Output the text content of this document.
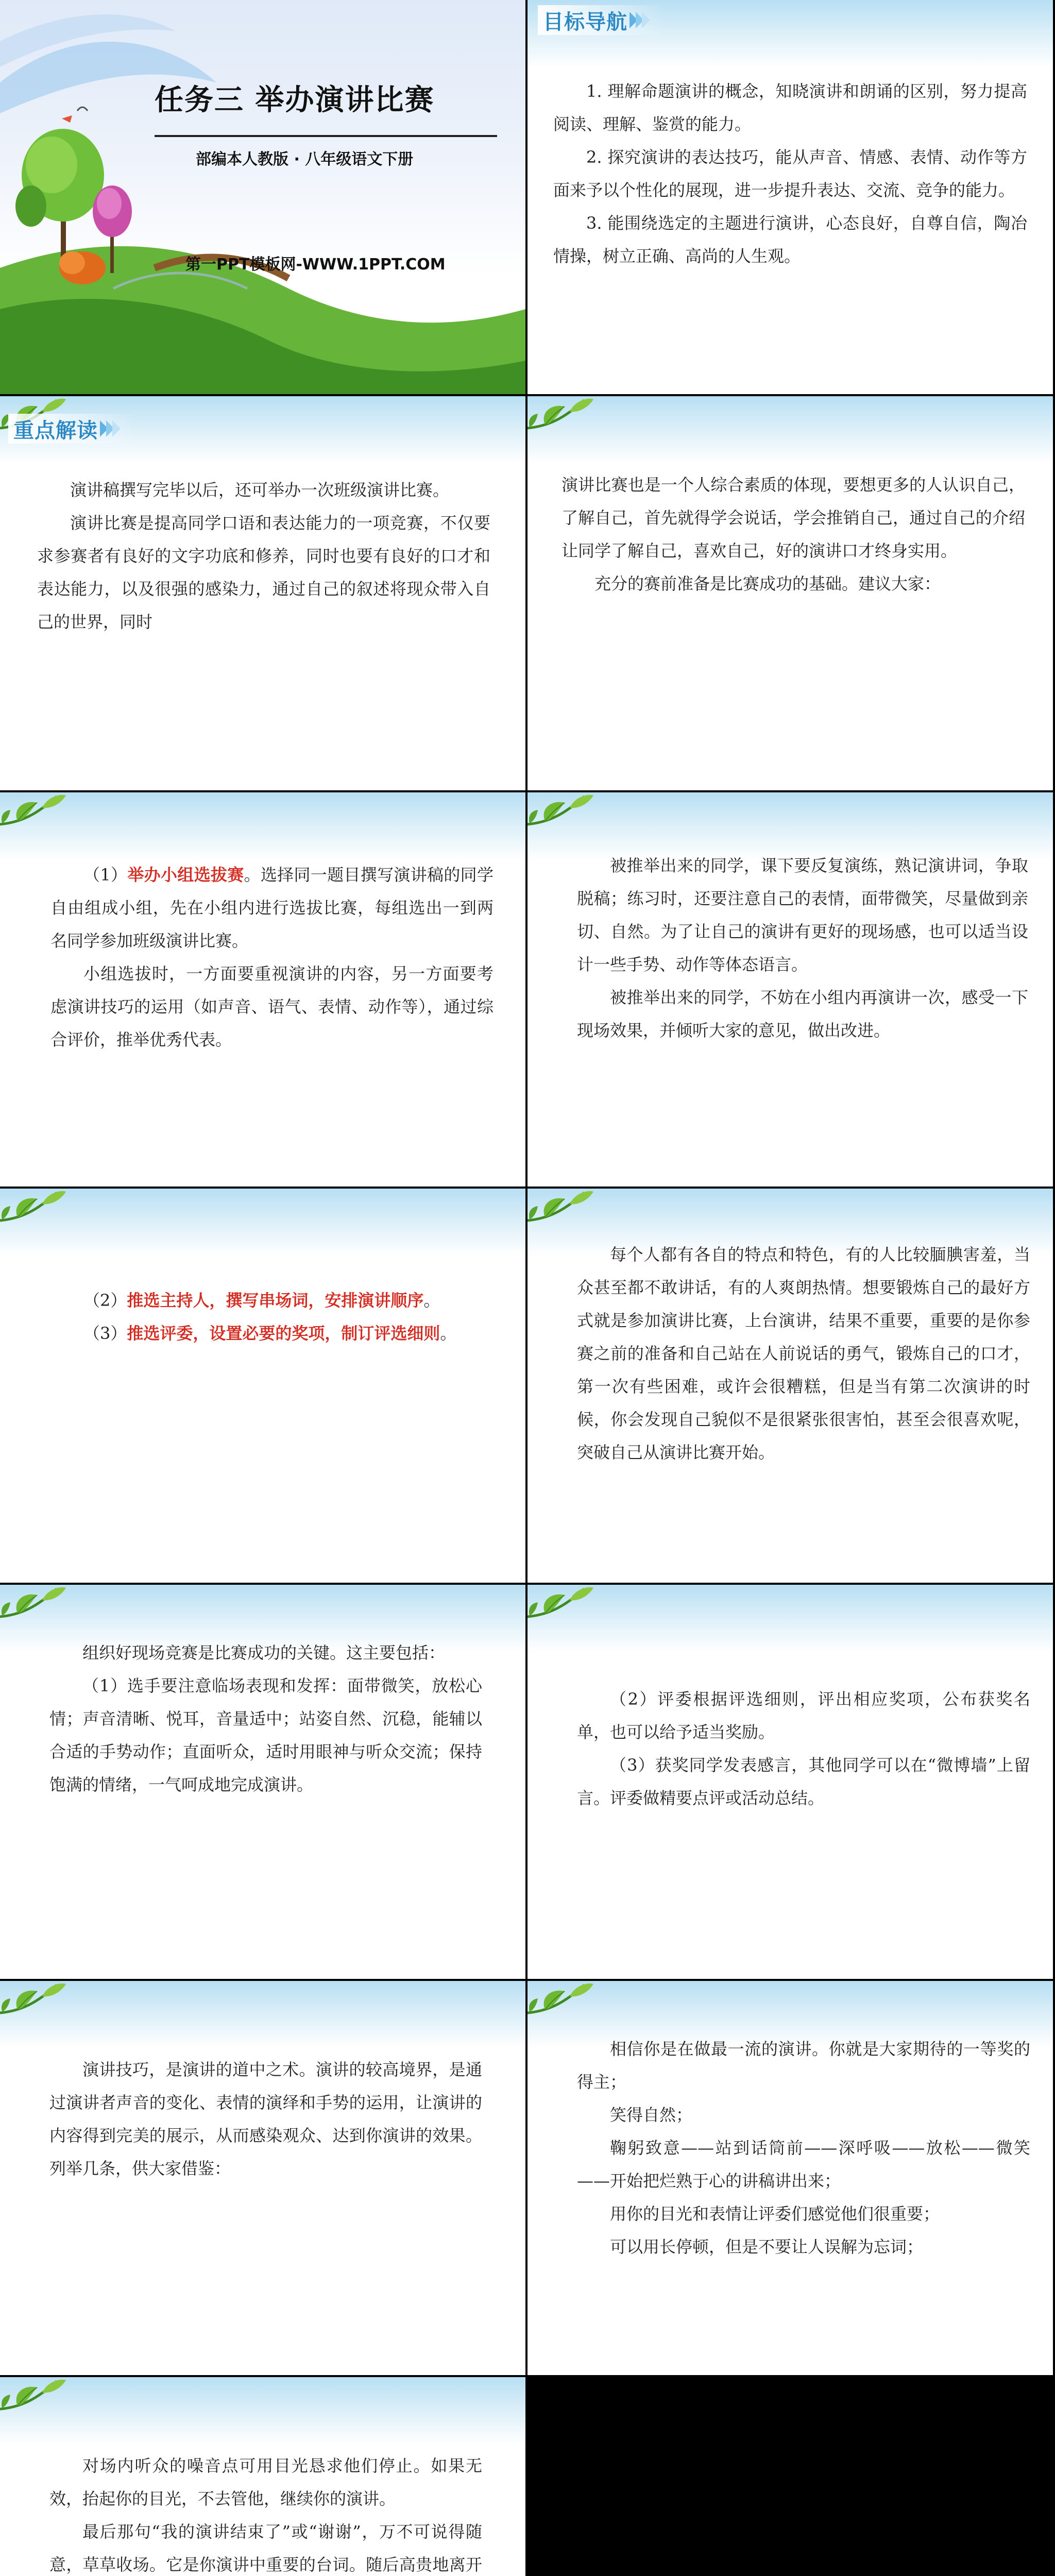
任务三 举办演讲比赛
部编本人教版 · 八年级语文下册
第一PPT模板网-WWW.1PPT.COM
目标导航

1. 理解命题演讲的概念，知晓演讲和朗诵的区别，努力提高阅读、理解、鉴赏的能力。

2. 探究演讲的表达技巧，能从声音、情感、表情、动作等方面来予以个性化的展现，进一步提升表达、交流、竞争的能力。

3. 能围绕选定的主题进行演讲，心态良好，自尊自信，陶冶情操，树立正确、高尚的人生观。

重点解读

演讲稿撰写完毕以后，还可举办一次班级演讲比赛。

演讲比赛是提高同学口语和表达能力的一项竞赛，不仅要求参赛者有良好的文字功底和修养，同时也要有良好的口才和表达能力，以及很强的感染力，通过自己的叙述将现众带入自己的世界，同时

演讲比赛也是一个人综合素质的体现，要想更多的人认识自己，了解自己，首先就得学会说话，学会推销自己，通过自己的介绍让同学了解自己，喜欢自己，好的演讲口才终身实用。

充分的赛前准备是比赛成功的基础。建议大家：

（1）举办小组选拔赛。选择同一题目撰写演讲稿的同学自由组成小组，先在小组内进行选拔比赛，每组选出一到两名同学参加班级演讲比赛。

小组选拔时，一方面要重视演讲的内容，另一方面要考虑演讲技巧的运用（如声音、语气、表情、动作等），通过综合评价，推举优秀代表。

被推举出来的同学，课下要反复演练，熟记演讲词，争取脱稿；练习时，还要注意自己的表情，面带微笑，尽量做到亲切、自然。为了让自己的演讲有更好的现场感，也可以适当设计一些手势、动作等体态语言。

被推举出来的同学，不妨在小组内再演讲一次，感受一下现场效果，并倾听大家的意见，做出改进。

（2）推选主持人，撰写串场词，安排演讲顺序。

（3）推选评委，设置必要的奖项，制订评选细则。

每个人都有各自的特点和特色，有的人比较腼腆害羞，当众甚至都不敢讲话，有的人爽朗热情。想要锻炼自己的最好方式就是参加演讲比赛，上台演讲，结果不重要，重要的是你参赛之前的准备和自己站在人前说话的勇气，锻炼自己的口才，第一次有些困难，或许会很糟糕，但是当有第二次演讲的时候，你会发现自己貌似不是很紧张很害怕，甚至会很喜欢呢，突破自己从演讲比赛开始。

组织好现场竞赛是比赛成功的关键。这主要包括：

（1）选手要注意临场表现和发挥：面带微笑，放松心情；声音清晰、悦耳，音量适中；站姿自然、沉稳，能辅以合适的手势动作；直面听众，适时用眼神与听众交流；保持饱满的情绪，一气呵成地完成演讲。

（2）评委根据评选细则，评出相应奖项，公布获奖名单，也可以给予适当奖励。

（3）获奖同学发表感言，其他同学可以在“微博墙”上留言。评委做精要点评或活动总结。

演讲技巧，是演讲的道中之术。演讲的较高境界，是通过演讲者声音的变化、表情的演绎和手势的运用，让演讲的内容得到完美的展示，从而感染观众、达到你演讲的效果。列举几条，供大家借鉴：

相信你是在做最一流的演讲。你就是大家期待的一等奖的得主；

笑得自然；

鞠躬致意——站到话筒前——深呼吸——放松——微笑——开始把烂熟于心的讲稿讲出来；

用你的目光和表情让评委们感觉他们很重要；

可以用长停顿，但是不要让人误解为忘词；

对场内听众的噪音点可用目光恳求他们停止。如果无效，抬起你的目光，不去管他，继续你的演讲。

最后那句“我的演讲结束了”或“谢谢”，万不可说得随意，草草收场。它是你演讲中重要的台词。随后高贵地离开
